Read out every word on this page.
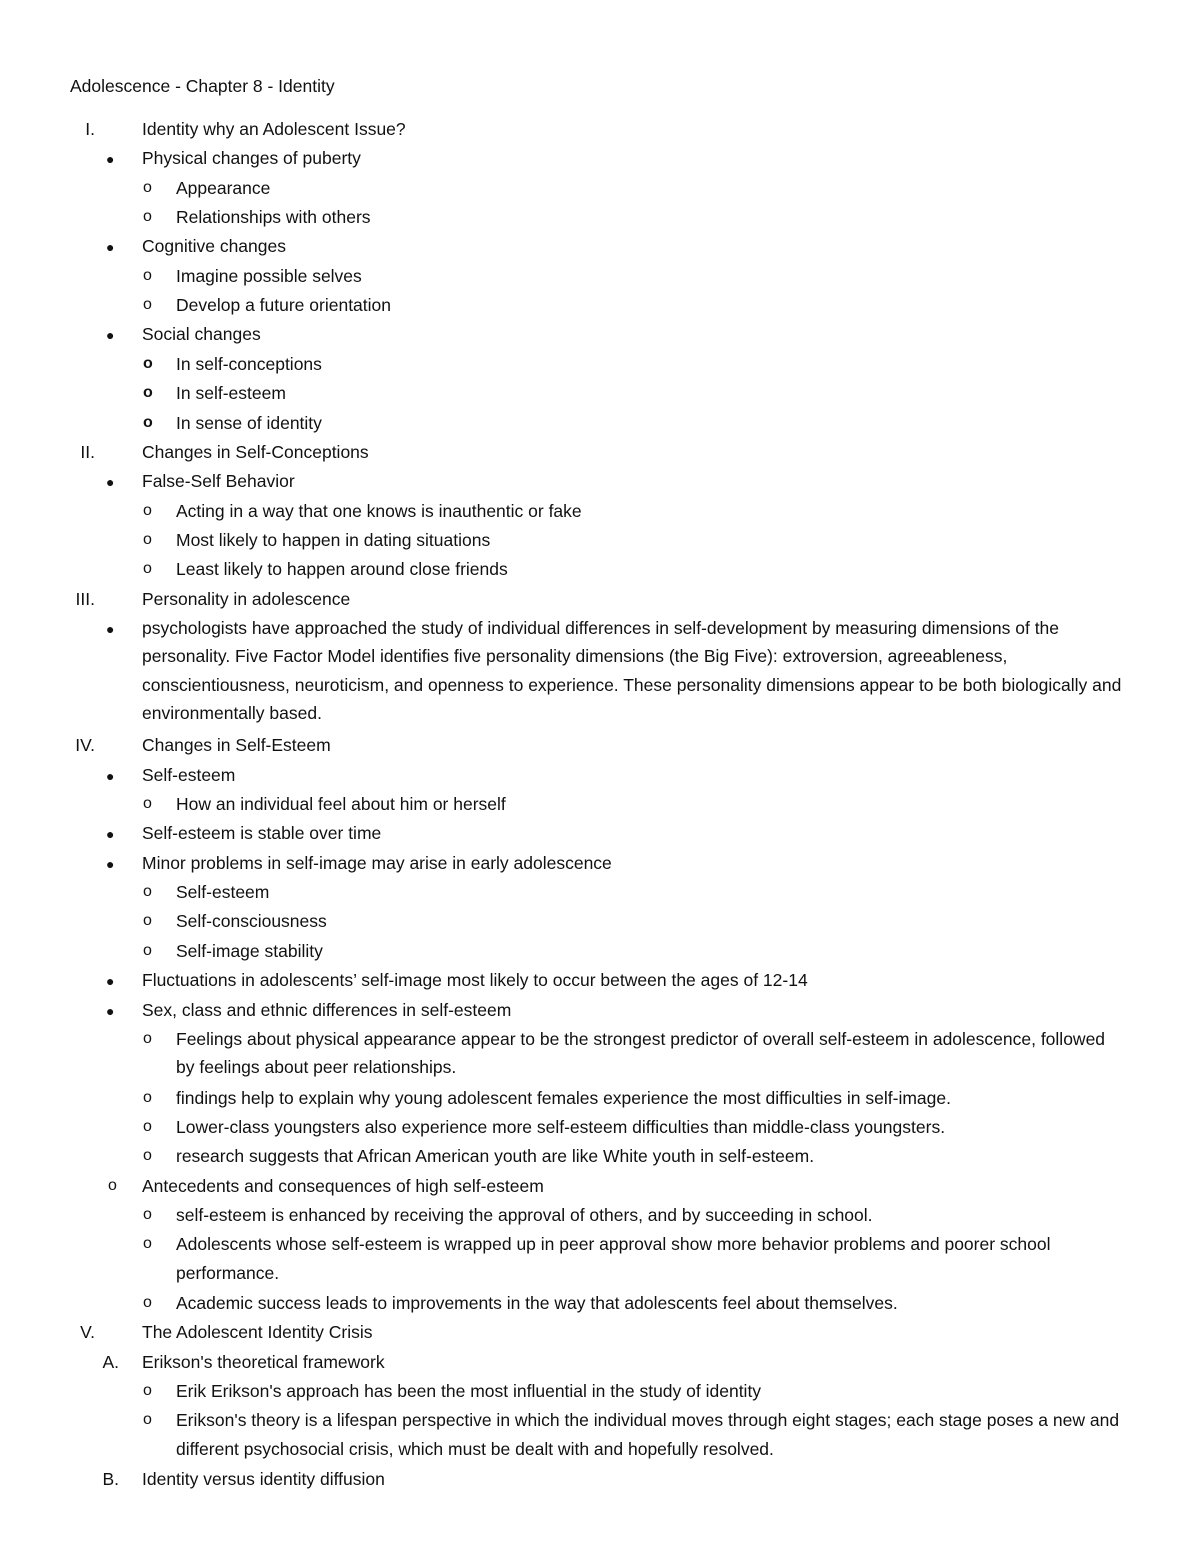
Adolescence - Chapter 8 - Identity
I.	Identity why an Adolescent Issue?
● Physical changes of puberty
o Appearance
o Relationships with others
● Cognitive changes
o Imagine possible selves
o Develop a future orientation
● Social changes
o In self-conceptions
o In self-esteem
o In sense of identity
II.	Changes in Self-Conceptions
● False-Self Behavior
o Acting in a way that one knows is inauthentic or fake
o Most likely to happen in dating situations
o Least likely to happen around close friends
III.	Personality in adolescence
● psychologists have approached the study of individual differences in self-development by measuring dimensions of the personality. Five Factor Model identifies five personality dimensions (the Big Five): extroversion, agreeableness, conscientiousness, neuroticism, and openness to experience. These personality dimensions appear to be both biologically and environmentally based.
IV.	Changes in Self-Esteem
● Self-esteem
o How an individual feel about him or herself
● Self-esteem is stable over time
● Minor problems in self-image may arise in early adolescence
o Self-esteem
o Self-consciousness
o Self-image stability
● Fluctuations in adolescents’ self-image most likely to occur between the ages of 12-14
● Sex, class and ethnic differences in self-esteem
o Feelings about physical appearance appear to be the strongest predictor of overall self-esteem in adolescence, followed by feelings about peer relationships.
o findings help to explain why young adolescent females experience the most difficulties in self-image.
o Lower-class youngsters also experience more self-esteem difficulties than middle-class youngsters.
o research suggests that African American youth are like White youth in self-esteem.
o Antecedents and consequences of high self-esteem
o self-esteem is enhanced by receiving the approval of others, and by succeeding in school.
o Adolescents whose self-esteem is wrapped up in peer approval show more behavior problems and poorer school performance.
o Academic success leads to improvements in the way that adolescents feel about themselves.
V.	The Adolescent Identity Crisis
A. Erikson's theoretical framework
o Erik Erikson's approach has been the most influential in the study of identity
o Erikson's theory is a lifespan perspective in which the individual moves through eight stages; each stage poses a new and different psychosocial crisis, which must be dealt with and hopefully resolved.
B. Identity versus identity diffusion
